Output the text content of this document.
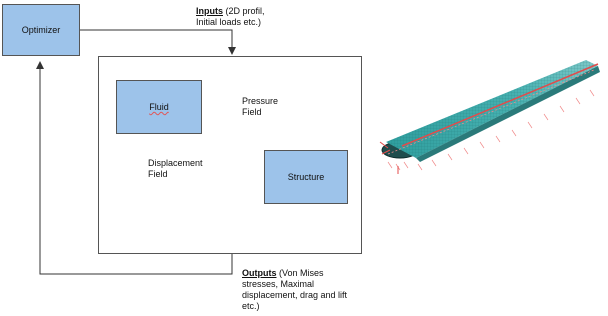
Optimizer
Inputs (2D profil,
Initial loads etc.)
Fluid
Structure
Pressure
Field
Displacement
Field
Outputs (Von Mises
stresses, Maximal
displacement, drag and lift
etc.)
